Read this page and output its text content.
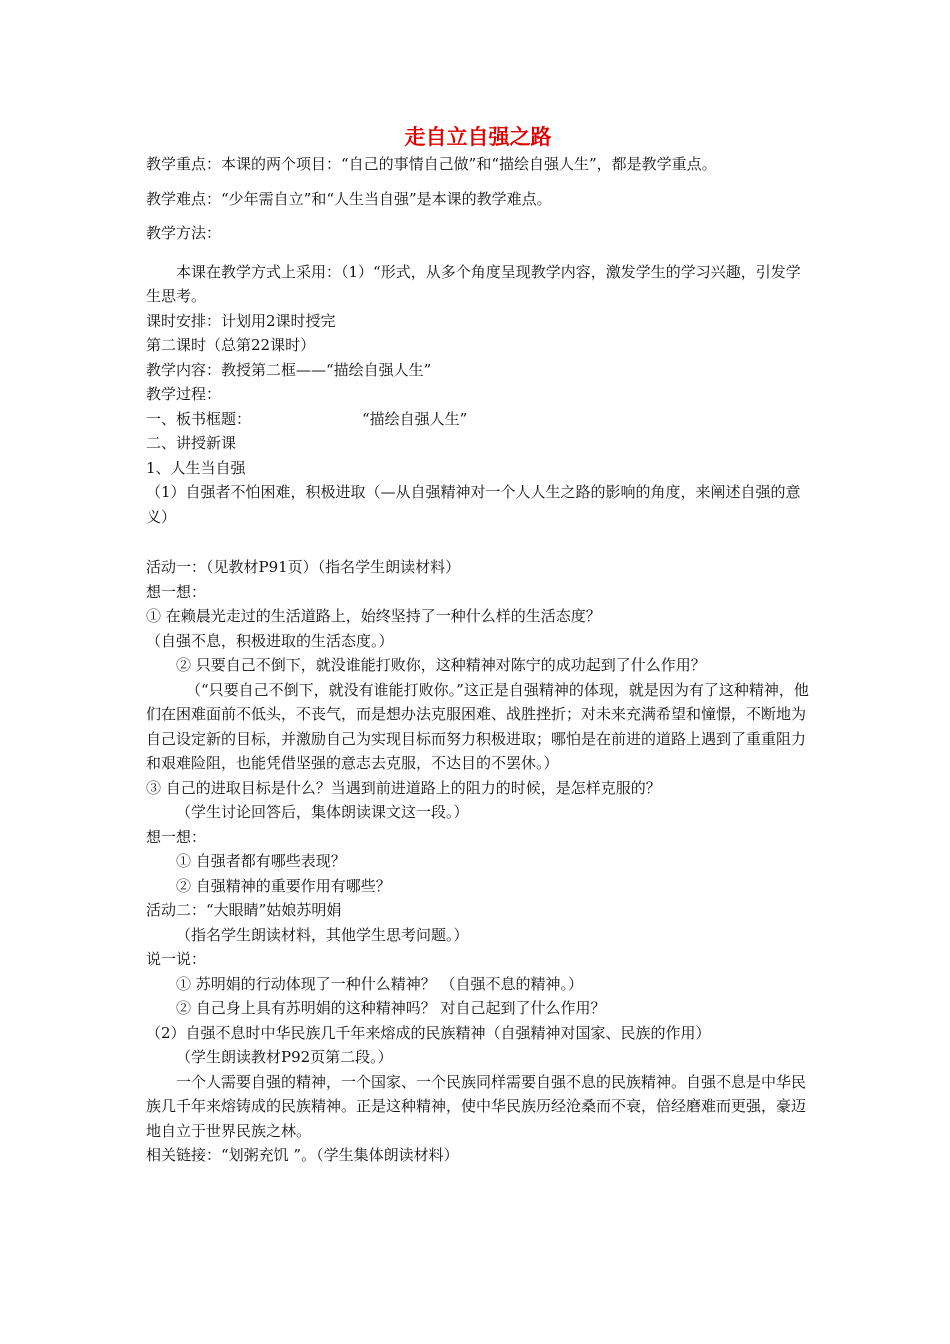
走自立自强之路

教学重点：本课的两个项目：“自己的事情自己做”和“描绘自强人生”，都是教学重点。

教学难点：“少年需自立”和“人生当自强”是本课的教学难点。

教学方法：

本课在教学方式上采用：（1）“形式，从多个角度呈现教学内容，激发学生的学习兴趣，引发学生思考。

课时安排：计划用2课时授完

第二课时（总第22课时）

教学内容：教授第二框——“描绘自强人生”

教学过程：

一、板书框题：	“描绘自强人生”

二、讲授新课

1、人生当自强

（1）自强者不怕困难，积极进取（—从自强精神对一个人人生之路的影响的角度，来阐述自强的意义）

活动一：（见教材P91页）（指名学生朗读材料）

想一想：

① 在赖晨光走过的生活道路上，始终坚持了一种什么样的生活态度？

（自强不息，积极进取的生活态度。）

② 只要自己不倒下，就没谁能打败你，这种精神对陈宁的成功起到了什么作用？

（“只要自己不倒下，就没有谁能打败你。”这正是自强精神的体现，就是因为有了这种精神，他们在困难面前不低头，不丧气，而是想办法克服困难、战胜挫折；对未来充满希望和憧憬，不断地为自己设定新的目标，并激励自己为实现目标而努力积极进取；哪怕是在前进的道路上遇到了重重阻力和艰难险阻，也能凭借坚强的意志去克服，不达目的不罢休。）

③ 自己的进取目标是什么？当遇到前进道路上的阻力的时候，是怎样克服的？

（学生讨论回答后，集体朗读课文这一段。）

想一想：

① 自强者都有哪些表现？

② 自强精神的重要作用有哪些？

活动二：“大眼睛”姑娘苏明娟

（指名学生朗读材料，其他学生思考问题。）

说一说：

① 苏明娟的行动体现了一种什么精神？ （自强不息的精神。）

② 自己身上具有苏明娟的这种精神吗？ 对自己起到了什么作用？

（2）自强不息时中华民族几千年来熔成的民族精神（自强精神对国家、民族的作用）

（学生朗读教材P92页第二段。）

一个人需要自强的精神，一个国家、一个民族同样需要自强不息的民族精神。自强不息是中华民族几千年来熔铸成的民族精神。正是这种精神，使中华民族历经沧桑而不衰，倍经磨难而更强，豪迈地自立于世界民族之林。

相关链接：“划粥充饥 ”。（学生集体朗读材料）
